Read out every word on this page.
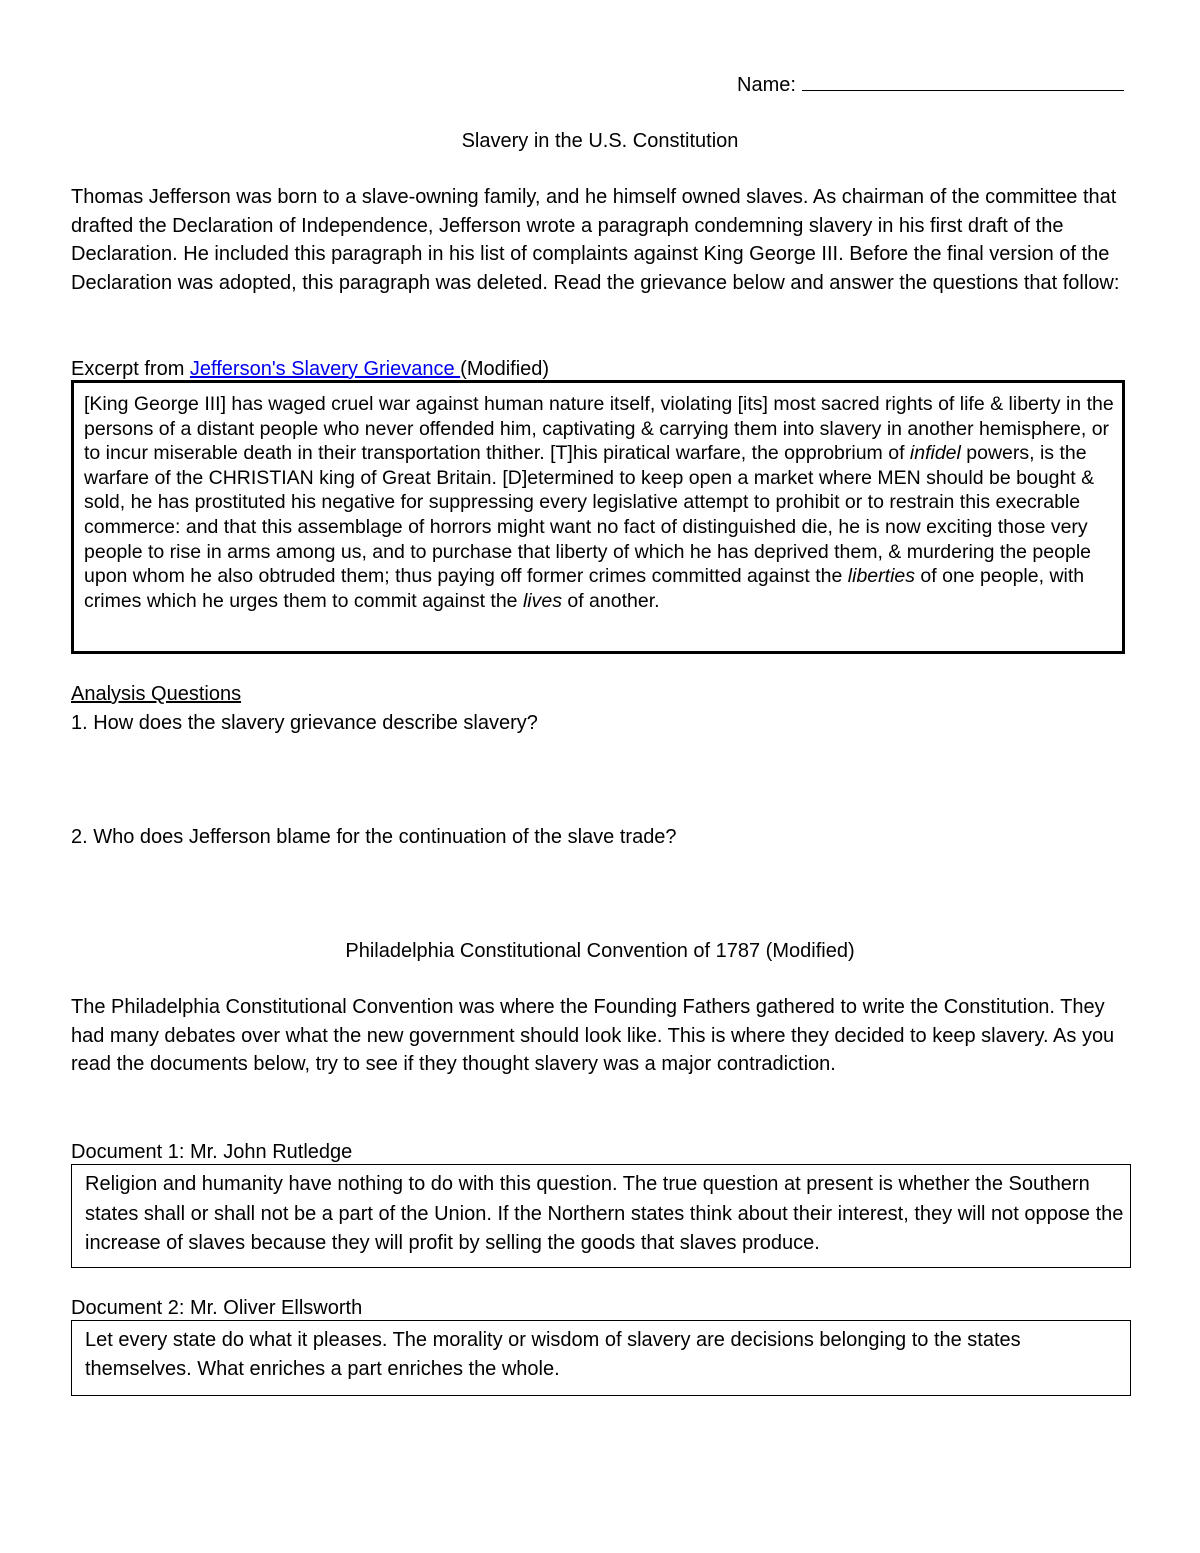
Name:
Slavery in the U.S. Constitution
Thomas Jefferson was born to a slave-owning family, and he himself owned slaves. As chairman of the committee that drafted the Declaration of Independence, Jefferson wrote a paragraph condemning slavery in his first draft of the Declaration. He included this paragraph in his list of complaints against King George III. Before the final version of the Declaration was adopted, this paragraph was deleted. Read the grievance below and answer the questions that follow:
Excerpt from Jefferson's Slavery Grievance (Modified)
[King George III] has waged cruel war against human nature itself, violating [its] most sacred rights of life & liberty in the persons of a distant people who never offended him, captivating & carrying them into slavery in another hemisphere, or to incur miserable death in their transportation thither. [T]his piratical warfare, the opprobrium of infidel powers, is the warfare of the CHRISTIAN king of Great Britain. [D]etermined to keep open a market where MEN should be bought & sold, he has prostituted his negative for suppressing every legislative attempt to prohibit or to restrain this execrable commerce: and that this assemblage of horrors might want no fact of distinguished die, he is now exciting those very people to rise in arms among us, and to purchase that liberty of which he has deprived them, & murdering the people upon whom he also obtruded them; thus paying off former crimes committed against the liberties of one people, with crimes which he urges them to commit against the lives of another.
Analysis Questions
1. How does the slavery grievance describe slavery?
2. Who does Jefferson blame for the continuation of the slave trade?
Philadelphia Constitutional Convention of 1787 (Modified)
The Philadelphia Constitutional Convention was where the Founding Fathers gathered to write the Constitution. They had many debates over what the new government should look like. This is where they decided to keep slavery. As you read the documents below, try to see if they thought slavery was a major contradiction.
Document 1: Mr. John Rutledge
Religion and humanity have nothing to do with this question. The true question at present is whether the Southern states shall or shall not be a part of the Union. If the Northern states think about their interest, they will not oppose the increase of slaves because they will profit by selling the goods that slaves produce.
Document 2: Mr. Oliver Ellsworth
Let every state do what it pleases. The morality or wisdom of slavery are decisions belonging to the states themselves. What enriches a part enriches the whole.
